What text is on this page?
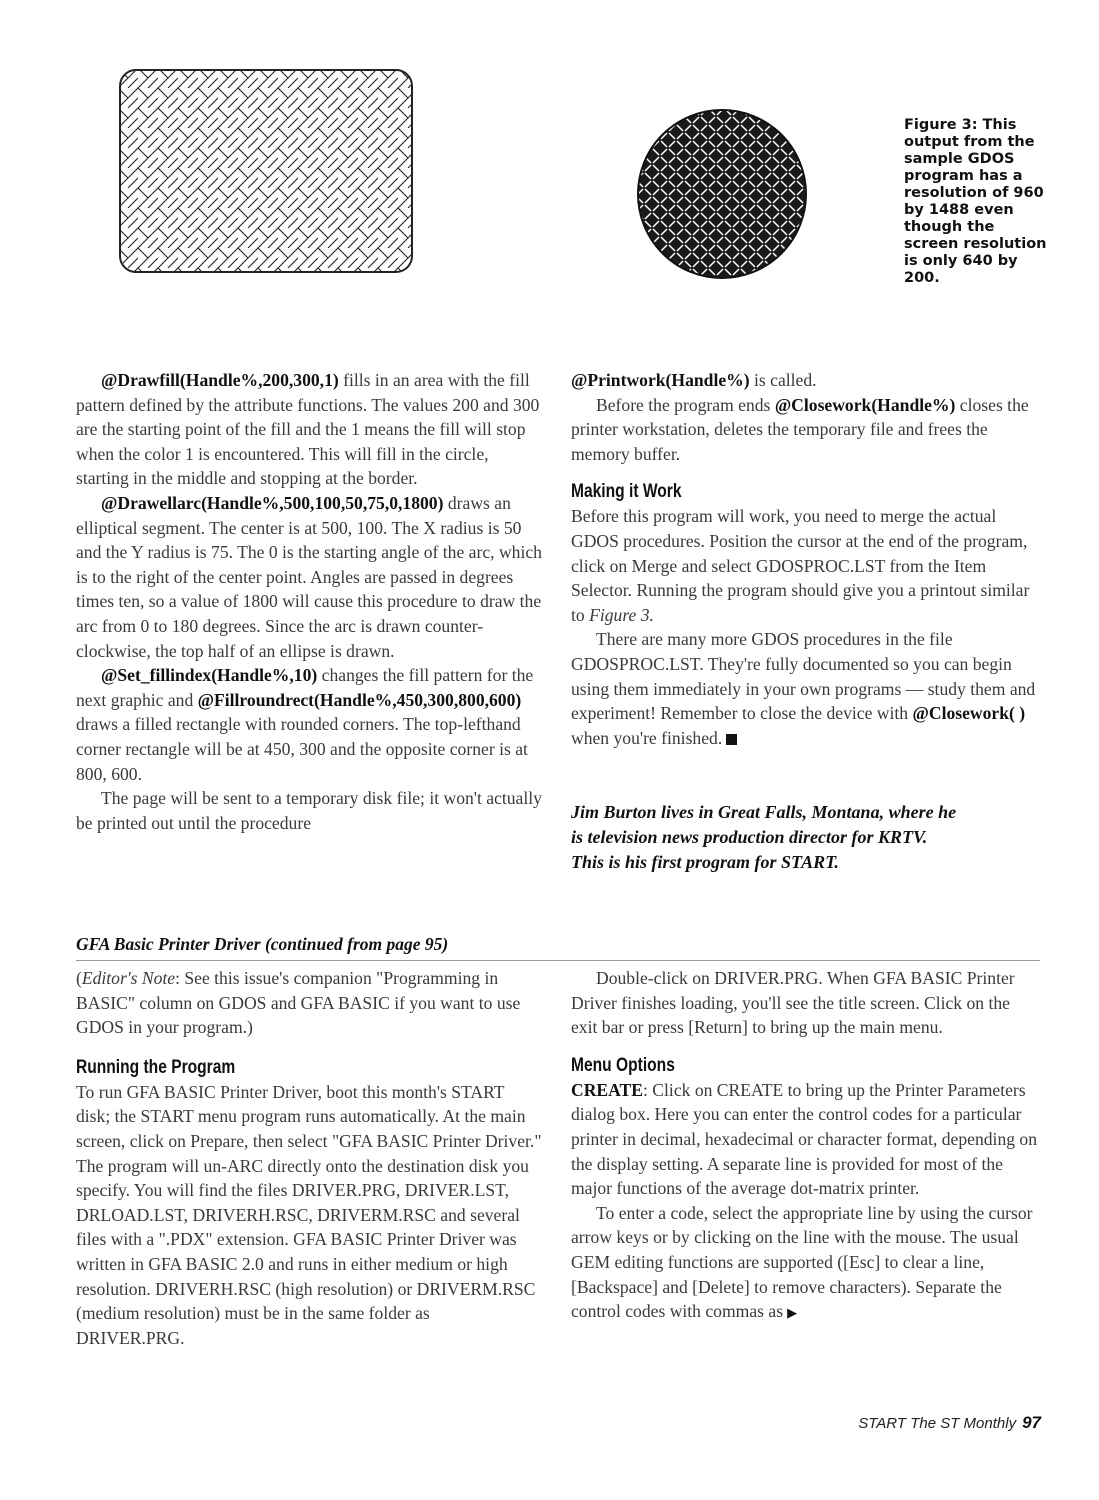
Figure 3: This output from the sample GDOS program has a resolution of 960 by 1488 even though the screen resolution is only 640 by 200.

@Drawfill(Handle%,200,300,1) fills in an area with the fill pattern defined by the attribute functions. The values 200 and 300 are the starting point of the fill and the 1 means the fill will stop when the color 1 is encountered. This will fill in the circle, starting in the middle and stopping at the border.

@Drawellarc(Handle%,500,100,50,75,0,1800) draws an elliptical segment. The center is at 500, 100. The X radius is 50 and the Y radius is 75. The 0 is the starting angle of the arc, which is to the right of the center point. Angles are passed in degrees times ten, so a value of 1800 will cause this procedure to draw the arc from 0 to 180 degrees. Since the arc is drawn counter-clockwise, the top half of an ellipse is drawn.

@Set_fillindex(Handle%,10) changes the fill pattern for the next graphic and @Fillroundrect(Handle%,450,300,800,600) draws a filled rectangle with rounded corners. The top-lefthand corner rectangle will be at 450, 300 and the opposite corner is at 800, 600.

The page will be sent to a temporary disk file; it won't actually be printed out until the procedure

@Printwork(Handle%) is called.

Before the program ends @Closework(Handle%) closes the printer workstation, deletes the temporary file and frees the memory buffer.

Making it Work

Before this program will work, you need to merge the actual GDOS procedures. Position the cursor at the end of the program, click on Merge and select GDOSPROC.LST from the Item Selector. Running the program should give you a printout similar to Figure 3.

There are many more GDOS procedures in the file GDOSPROC.LST. They're fully documented so you can begin using them immediately in your own programs — study them and experiment! Remember to close the device with @Closework( ) when you're finished.

Jim Burton lives in Great Falls, Montana, where he
is television news production director for KRTV.
This is his first program for START.
GFA Basic Printer Driver (continued from page 95)

(Editor's Note: See this issue's companion "Programming in BASIC" column on GDOS and GFA BASIC if you want to use GDOS in your program.)

Running the Program

To run GFA BASIC Printer Driver, boot this month's START disk; the START menu program runs automatically. At the main screen, click on Prepare, then select "GFA BASIC Printer Driver." The program will un-ARC directly onto the destination disk you specify. You will find the files DRIVER.PRG, DRIVER.LST, DRLOAD.LST, DRIVERH.RSC, DRIVERM.RSC and several files with a ".PDX" extension. GFA BASIC Printer Driver was written in GFA BASIC 2.0 and runs in either medium or high resolution. DRIVERH.RSC (high resolution) or DRIVERM.RSC (medium resolution) must be in the same folder as DRIVER.PRG.

Double-click on DRIVER.PRG. When GFA BASIC Printer Driver finishes loading, you'll see the title screen. Click on the exit bar or press [Return] to bring up the main menu.

Menu Options

CREATE: Click on CREATE to bring up the Printer Parameters dialog box. Here you can enter the control codes for a particular printer in decimal, hexadecimal or character format, depending on the display setting. A separate line is provided for most of the major functions of the average dot-matrix printer.

To enter a code, select the appropriate line by using the cursor arrow keys or by clicking on the line with the mouse. The usual GEM editing functions are supported ([Esc] to clear a line, [Backspace] and [Delete] to remove characters). Separate the control codes with commas as ▶

START The ST Monthly 97
